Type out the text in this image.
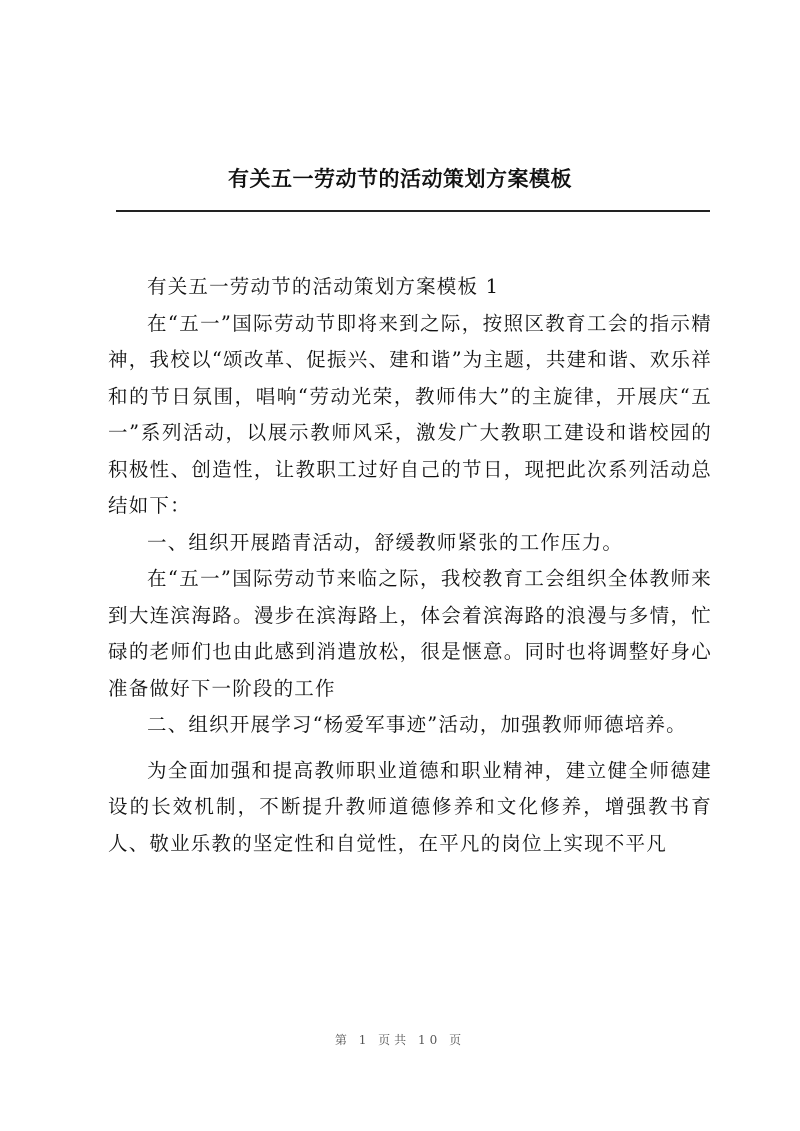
有关五一劳动节的活动策划方案模板

有关五一劳动节的活动策划方案模板 1

在“五一”国际劳动节即将来到之际，按照区教育工会的指示精神，我校以“颂改革、促振兴、建和谐”为主题，共建和谐、欢乐祥和的节日氛围，唱响“劳动光荣，教师伟大”的主旋律，开展庆“五一”系列活动，以展示教师风采，激发广大教职工建设和谐校园的积极性、创造性，让教职工过好自己的节日，现把此次系列活动总结如下：

一、组织开展踏青活动，舒缓教师紧张的工作压力。

在“五一”国际劳动节来临之际，我校教育工会组织全体教师来到大连滨海路。漫步在滨海路上，体会着滨海路的浪漫与多情，忙碌的老师们也由此感到消遣放松，很是惬意。同时也将调整好身心准备做好下一阶段的工作

二、组织开展学习“杨爱军事迹”活动，加强教师师德培养。

为全面加强和提高教师职业道德和职业精神，建立健全师德建设的长效机制，不断提升教师道德修养和文化修养，增强教书育人、敬业乐教的坚定性和自觉性，在平凡的岗位上实现不平凡

第 1 页共 10 页
